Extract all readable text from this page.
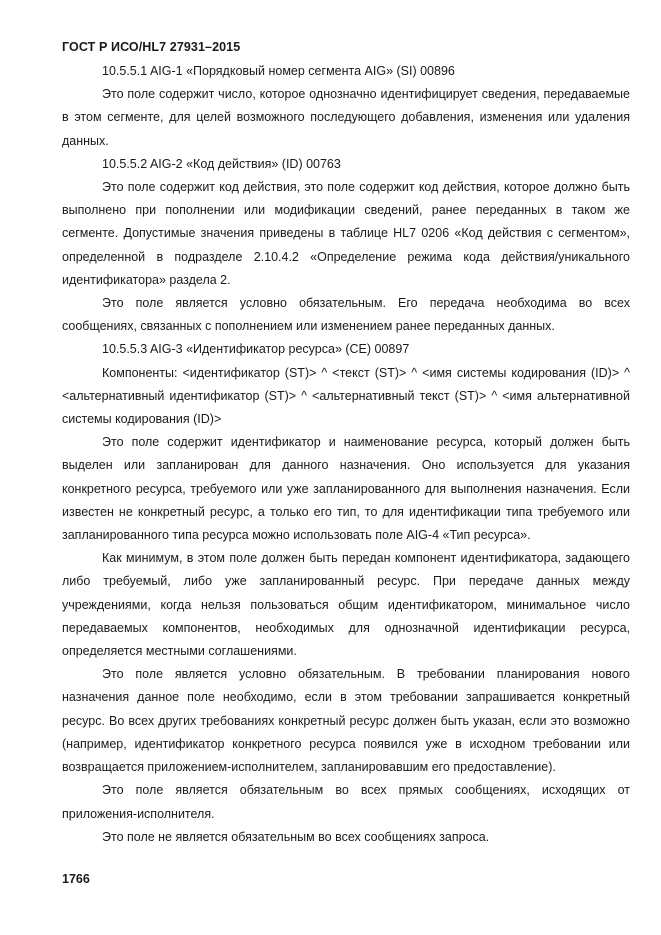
ГОСТ Р ИСО/HL7 27931–2015

10.5.5.1 AIG-1 «Порядковый номер сегмента AIG» (SI) 00896

Это поле содержит число, которое однозначно идентифицирует сведения, передаваемые в этом сегменте, для целей возможного последующего добавления, изменения или удаления данных.

10.5.5.2 AIG-2 «Код действия» (ID) 00763

Это поле содержит код действия, это поле содержит код действия, которое должно быть выполнено при пополнении или модификации сведений, ранее переданных в таком же сегменте. Допустимые значения приведены в таблице HL7 0206 «Код действия с сегментом», определенной в подразделе 2.10.4.2 «Определение режима кода действия/уникального идентификатора» раздела 2.

Это поле является условно обязательным. Его передача необходима во всех сообщениях, связанных с пополнением или изменением ранее переданных данных.

10.5.5.3 AIG-3 «Идентификатор ресурса» (CE) 00897

Компоненты: <идентификатор (ST)> ^ <текст (ST)> ^ <имя системы кодирования (ID)> ^ <альтернативный идентификатор (ST)> ^ <альтернативный текст (ST)> ^ <имя альтернативной системы кодирования (ID)>

Это поле содержит идентификатор и наименование ресурса, который должен быть выделен или запланирован для данного назначения. Оно используется для указания конкретного ресурса, требуемого или уже запланированного для выполнения назначения. Если известен не конкретный ресурс, а только его тип, то для идентификации типа требуемого или запланированного типа ресурса можно использовать поле AIG-4 «Тип ресурса».

Как минимум, в этом поле должен быть передан компонент идентификатора, задающего либо требуемый, либо уже запланированный ресурс. При передаче данных между учреждениями, когда нельзя пользоваться общим идентификатором, минимальное число передаваемых компонентов, необходимых для однозначной идентификации ресурса, определяется местными соглашениями.

Это поле является условно обязательным. В требовании планирования нового назначения данное поле необходимо, если в этом требовании запрашивается конкретный ресурс. Во всех других требованиях конкретный ресурс должен быть указан, если это возможно (например, идентификатор конкретного ресурса появился уже в исходном требовании или возвращается приложением-исполнителем, запланировавшим его предоставление).

Это поле является обязательным во всех прямых сообщениях, исходящих от приложения-исполнителя.

Это поле не является обязательным во всех сообщениях запроса.

1766
